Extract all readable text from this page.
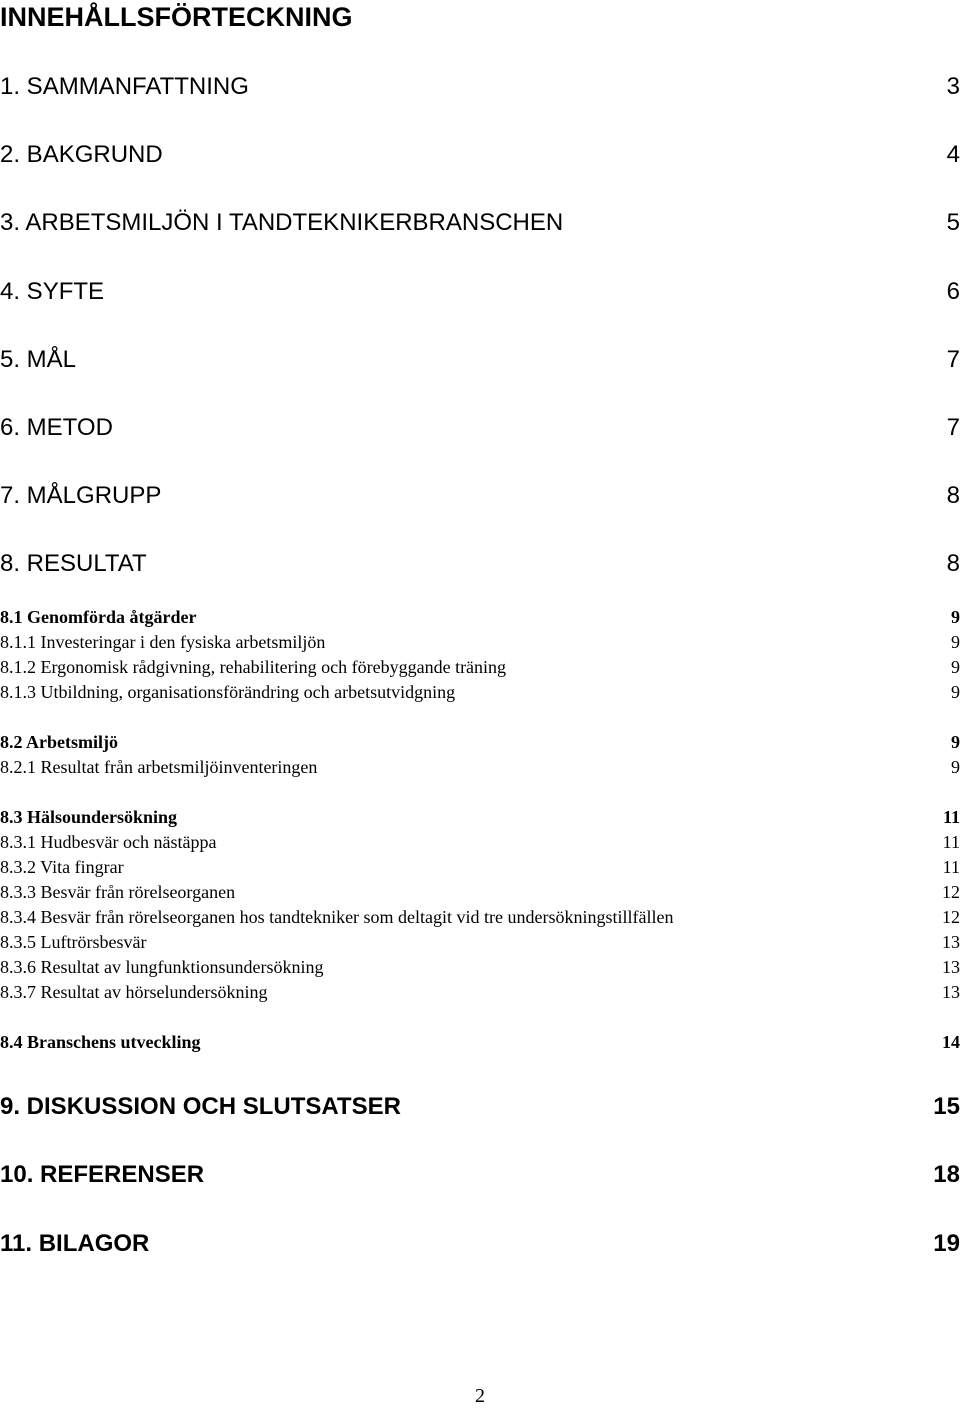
INNEHÅLLSFÖRTECKNING
1. SAMMANFATTNING	3
2. BAKGRUND	4
3. ARBETSMILJÖN I TANDTEKNIKERBRANSCHEN	5
4. SYFTE	6
5. MÅL	7
6. METOD	7
7. MÅLGRUPP	8
8. RESULTAT	8
8.1 Genomförda åtgärder	9
8.1.1 Investeringar i den fysiska arbetsmiljön	9
8.1.2 Ergonomisk rådgivning, rehabilitering och förebyggande träning	9
8.1.3 Utbildning, organisationsförändring och arbetsutvidgning	9
8.2 Arbetsmiljö	9
8.2.1 Resultat från arbetsmiljöinventeringen	9
8.3 Hälsoundersökning	11
8.3.1 Hudbesvär och nästäppa	11
8.3.2 Vita fingrar	11
8.3.3 Besvär från rörelseorganen	12
8.3.4 Besvär från rörelseorganen hos tandtekniker som deltagit vid tre undersökningstillfällen	12
8.3.5 Luftrörsbesvär	13
8.3.6 Resultat av lungfunktionsundersökning	13
8.3.7 Resultat av hörselundersökning	13
8.4 Branschens utveckling	14
9. DISKUSSION OCH SLUTSATSER	15
10. REFERENSER	18
11. BILAGOR	19
2
